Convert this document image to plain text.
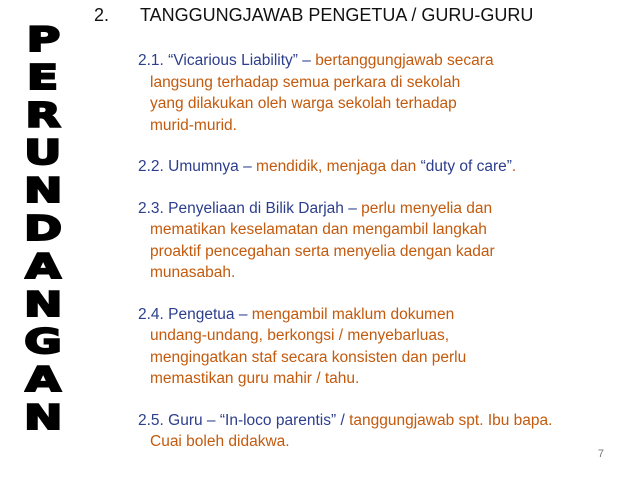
P
E
R
U
N
D
A
N
G
A
N
2. TANGGUNGJAWAB PENGETUA / GURU-GURU
2.1. “Vicarious Liability” – bertanggungjawab secara
langsung terhadap semua perkara di sekolah
yang dilakukan oleh warga sekolah terhadap
murid-murid.
2.2. Umumnya – mendidik, menjaga dan “duty of care”.
2.3. Penyeliaan di Bilik Darjah – perlu menyelia dan
mematikan keselamatan dan mengambil langkah
proaktif pencegahan serta menyelia dengan kadar
munasabah.
2.4. Pengetua – mengambil maklum dokumen
undang-undang, berkongsi / menyebarluas,
mengingatkan staf secara konsisten dan perlu
memastikan guru mahir / tahu.
2.5. Guru – “In-loco parentis” / tanggungjawab spt. Ibu bapa.
Cuai boleh didakwa.
7
